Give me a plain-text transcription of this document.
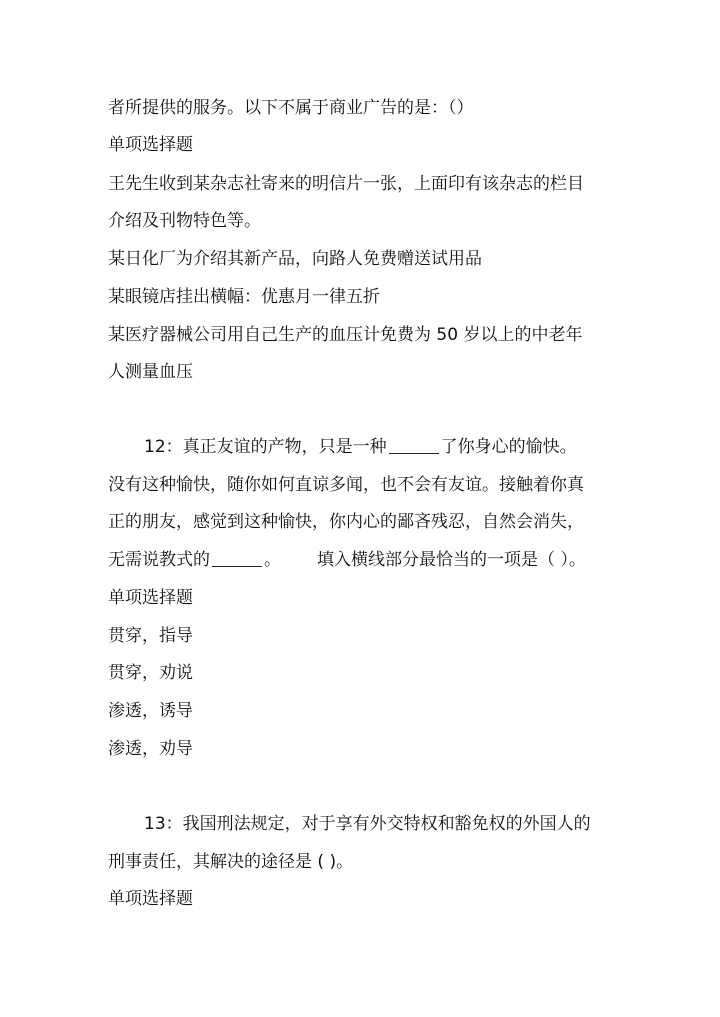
者所提供的服务。以下不属于商业广告的是：（）
单项选择题
王先生收到某杂志社寄来的明信片一张，上面印有该杂志的栏目
介绍及刊物特色等。
某日化厂为介绍其新产品，向路人免费赠送试用品
某眼镜店挂出横幅：优惠月一律五折
某医疗器械公司用自己生产的血压计免费为 50 岁以上的中老年
人测量血压
12：真正友谊的产物，只是一种	了你身心的愉快。
没有这种愉快，随你如何直谅多闻，也不会有友谊。接触着你真
正的朋友，感觉到这种愉快，你内心的鄙吝残忍，自然会消失，
无需说教式的	。 填入横线部分最恰当的一项是（ ）。
单项选择题
贯穿，指导
贯穿，劝说
渗透，诱导
渗透，劝导
13：我国刑法规定，对于享有外交特权和豁免权的外国人的
刑事责任，其解决的途径是 ( )。
单项选择题
